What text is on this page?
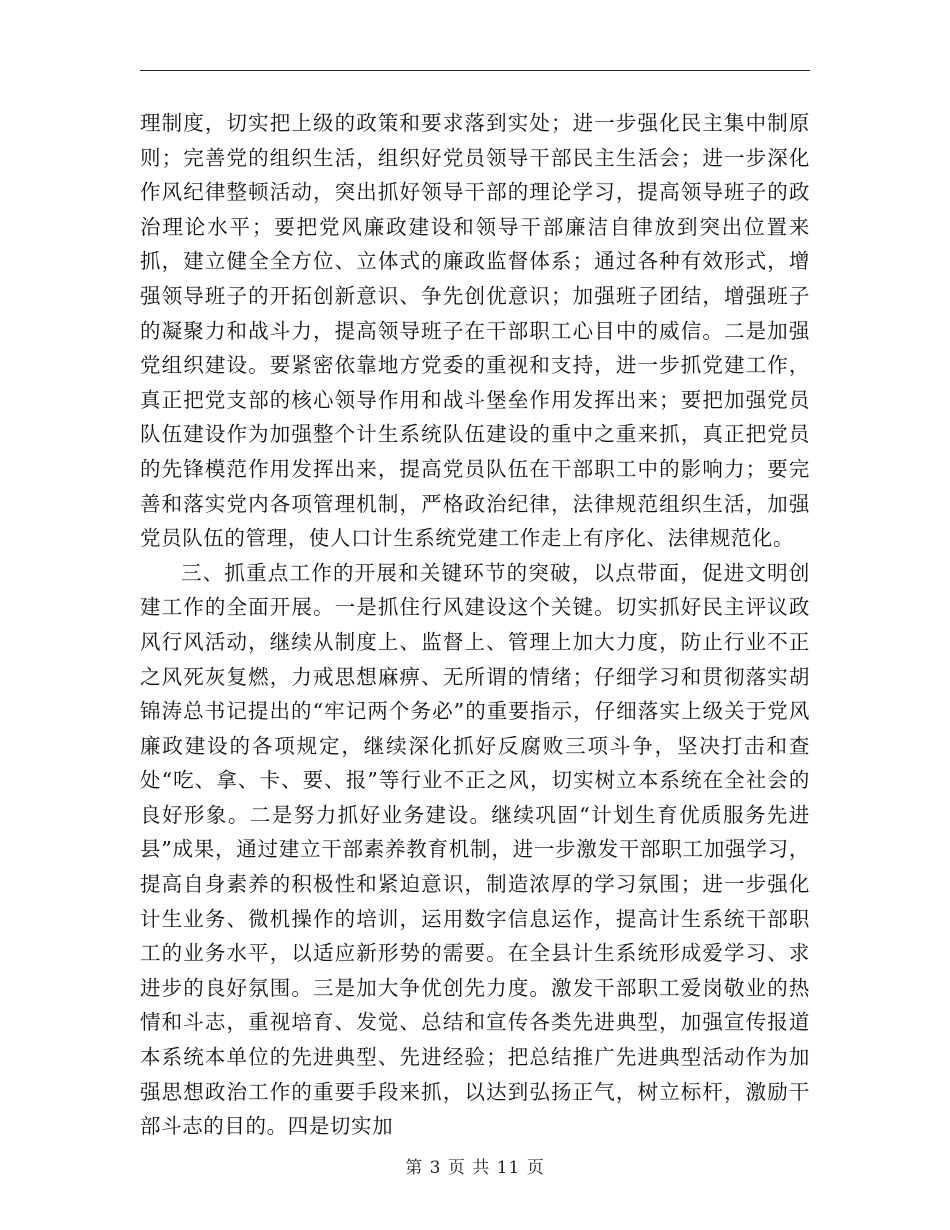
理制度，切实把上级的政策和要求落到实处；进一步强化民主集中制原则；完善党的组织生活，组织好党员领导干部民主生活会；进一步深化作风纪律整顿活动，突出抓好领导干部的理论学习，提高领导班子的政治理论水平；要把党风廉政建设和领导干部廉洁自律放到突出位置来抓，建立健全全方位、立体式的廉政监督体系；通过各种有效形式，增强领导班子的开拓创新意识、争先创优意识；加强班子团结，增强班子的凝聚力和战斗力，提高领导班子在干部职工心目中的威信。二是加强党组织建设。要紧密依靠地方党委的重视和支持，进一步抓党建工作，真正把党支部的核心领导作用和战斗堡垒作用发挥出来；要把加强党员队伍建设作为加强整个计生系统队伍建设的重中之重来抓，真正把党员的先锋模范作用发挥出来，提高党员队伍在干部职工中的影响力；要完善和落实党内各项管理机制，严格政治纪律，法律规范组织生活，加强党员队伍的管理，使人口计生系统党建工作走上有序化、法律规范化。

三、抓重点工作的开展和关键环节的突破，以点带面，促进文明创建工作的全面开展。一是抓住行风建设这个关键。切实抓好民主评议政风行风活动，继续从制度上、监督上、管理上加大力度，防止行业不正之风死灰复燃，力戒思想麻痹、无所谓的情绪；仔细学习和贯彻落实胡锦涛总书记提出的“牢记两个务必”的重要指示，仔细落实上级关于党风廉政建设的各项规定，继续深化抓好反腐败三项斗争，坚决打击和查处“吃、拿、卡、要、报”等行业不正之风，切实树立本系统在全社会的良好形象。二是努力抓好业务建设。继续巩固“计划生育优质服务先进县”成果，通过建立干部素养教育机制，进一步激发干部职工加强学习，提高自身素养的积极性和紧迫意识，制造浓厚的学习氛围；进一步强化计生业务、微机操作的培训，运用数字信息运作，提高计生系统干部职工的业务水平，以适应新形势的需要。在全县计生系统形成爱学习、求进步的良好氛围。三是加大争优创先力度。激发干部职工爱岗敬业的热情和斗志，重视培育、发觉、总结和宣传各类先进典型，加强宣传报道本系统本单位的先进典型、先进经验；把总结推广先进典型活动作为加强思想政治工作的重要手段来抓，以达到弘扬正气，树立标杆，激励干部斗志的目的。四是切实加

第 3 页 共 11 页
